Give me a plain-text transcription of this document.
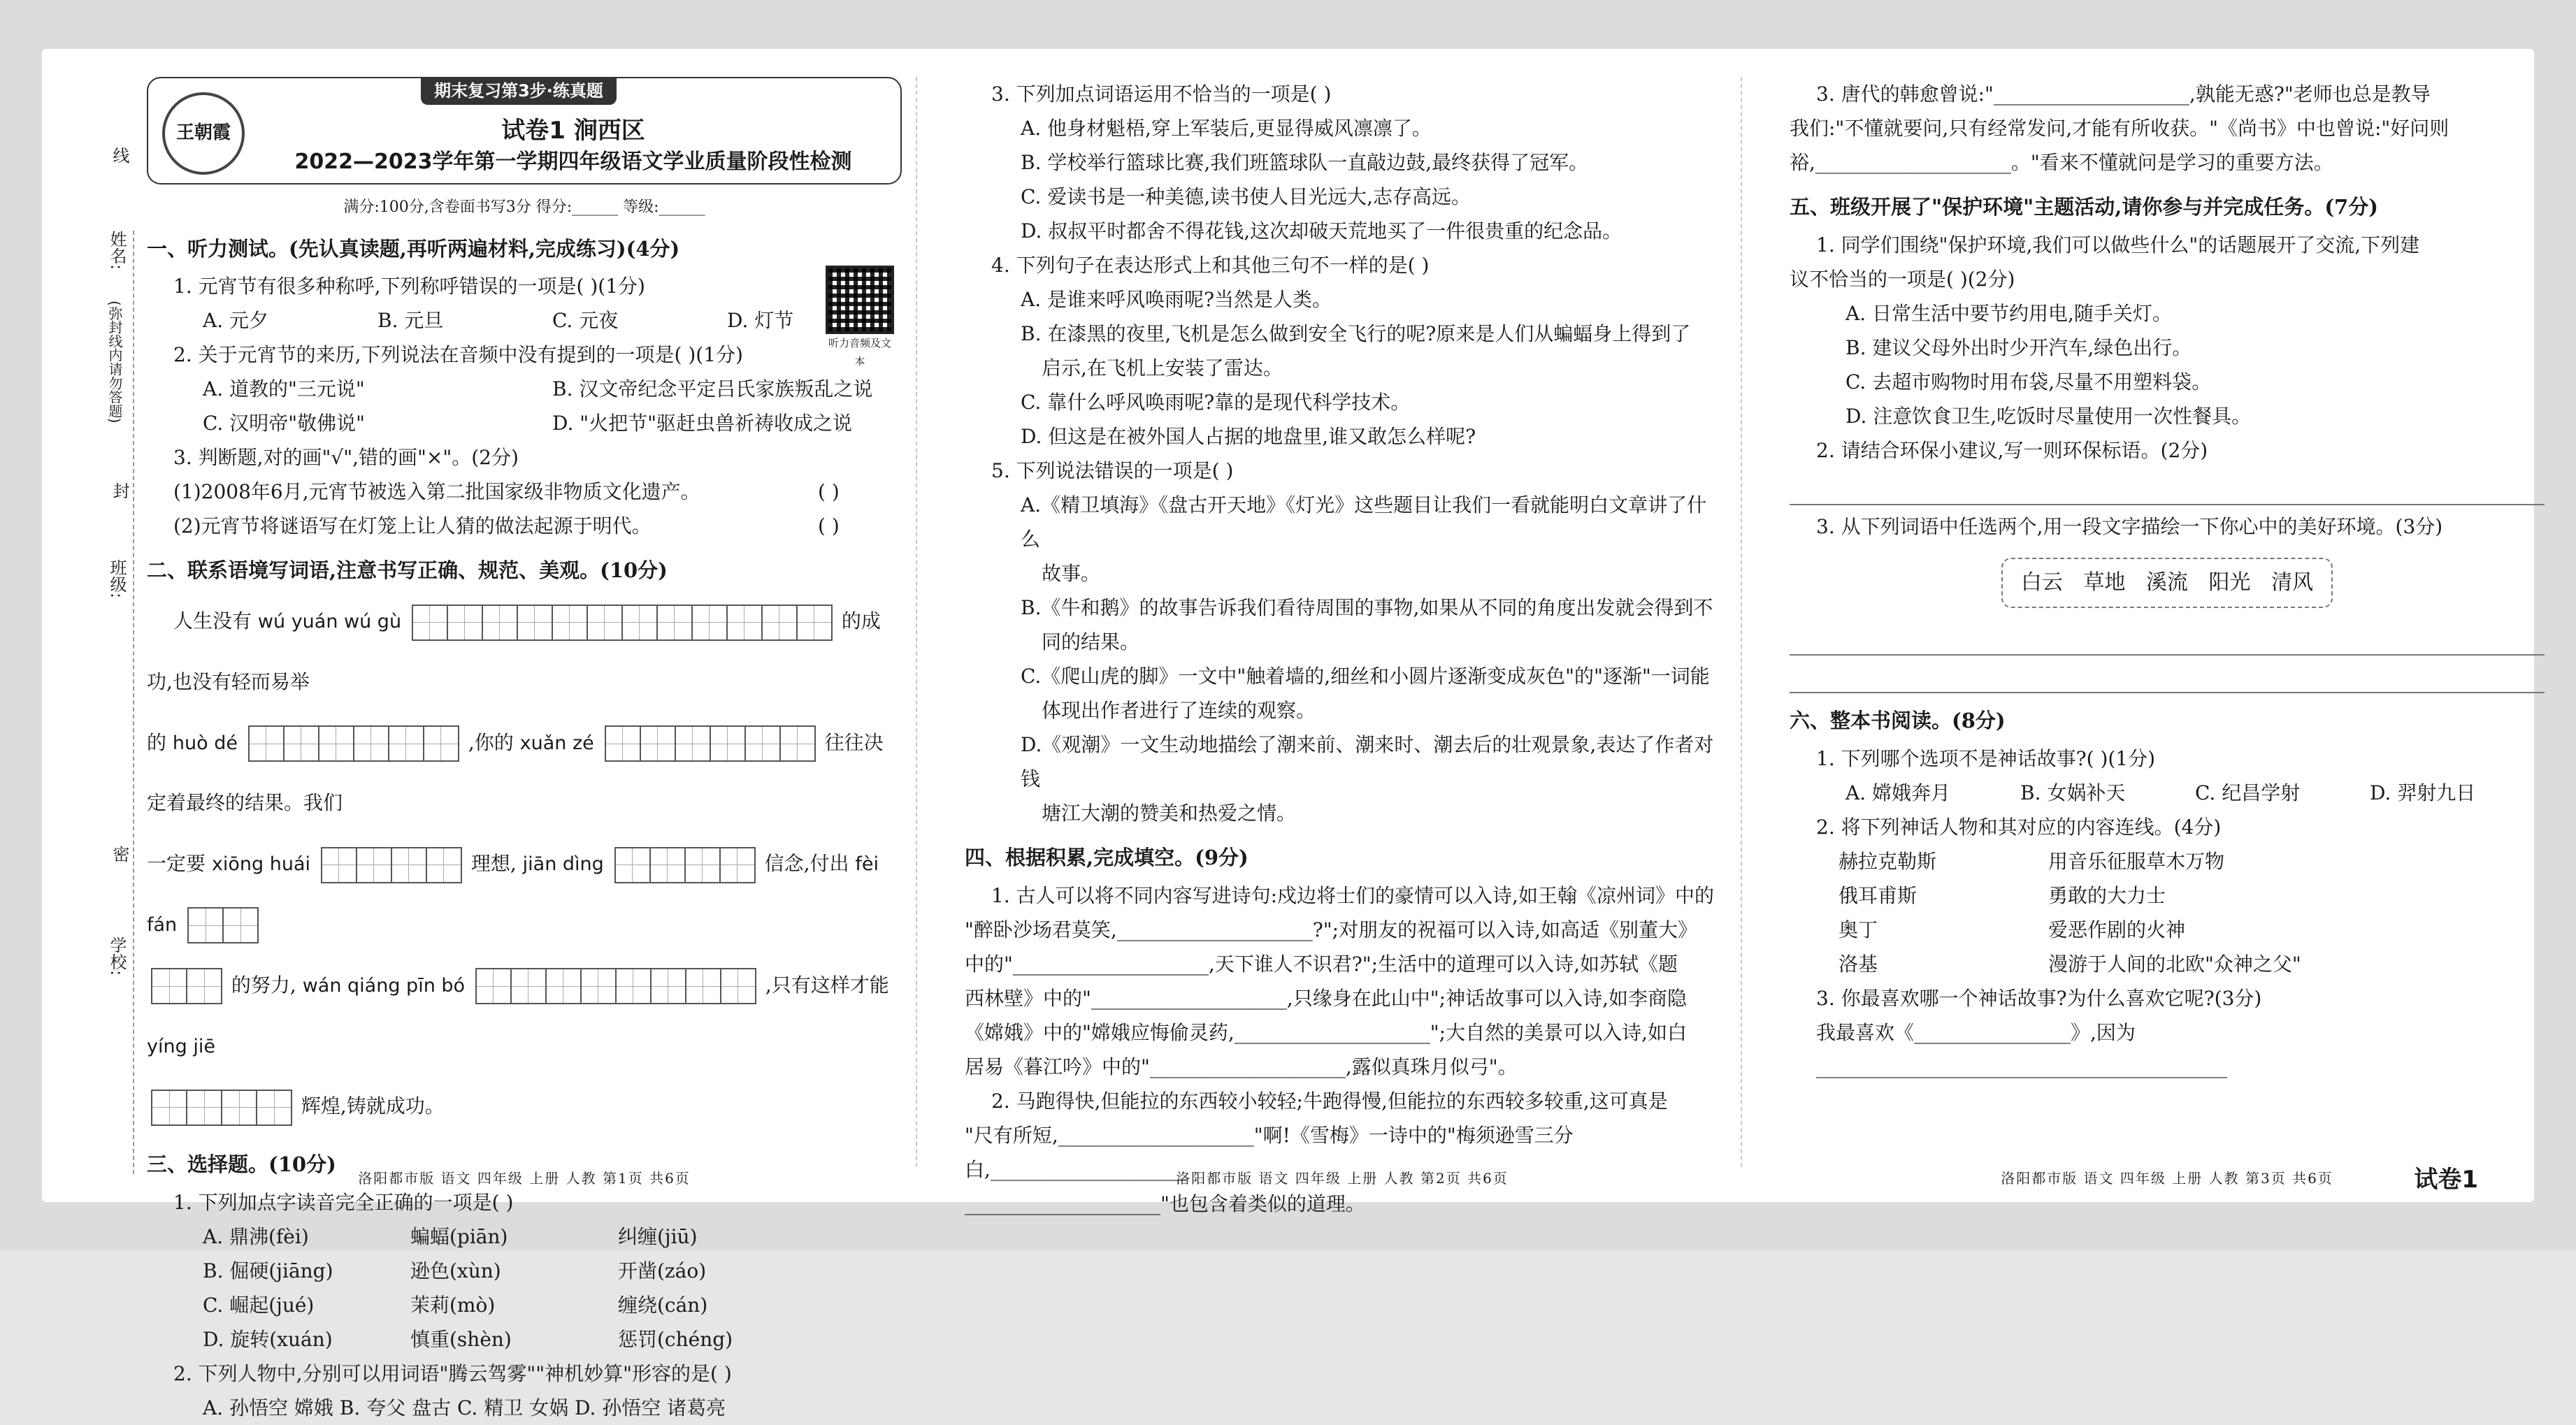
姓名:
(弥封线内请勿答题)
班级:
学校:
线
封
密
期末复习第3步·练真题
王朝霞	试卷1 涧西区
2022—2023学年第一学期四年级语文学业质量阶段性检测
满分:100分,含卷面书写3分 得分:______ 等级:______
听力音频及文本
一、听力测试。(先认真读题,再听两遍材料,完成练习)(4分)
1. 元宵节有很多种称呼,下列称呼错误的一项是( )(1分)
A. 元夕	B. 元旦	C. 元夜	D. 灯节
2. 关于元宵节的来历,下列说法在音频中没有提到的一项是( )(1分)
A. 道教的"三元说"	B. 汉文帝纪念平定吕氏家族叛乱之说
C. 汉明帝"敬佛说"	D. "火把节"驱赶虫兽祈祷收成之说
3. 判断题,对的画"√",错的画"×"。(2分)
(1)2008年6月,元宵节被选入第二批国家级非物质文化遗产。	( )
(2)元宵节将谜语写在灯笼上让人猜的做法起源于明代。	( )
二、联系语境写词语,注意书写正确、规范、美观。(10分)
人生没有 wú yuán wú gù	的成功,也没有轻而易举
的 huò dé	,你的 xuǎn zé	往往决定着最终的结果。我们
一定要 xiōng huái	理想, jiān dìng	信念,付出 fèi fán

的努力, wán qiáng pīn bó	,只有这样才能 yíng jiē

辉煌,铸就成功。
三、选择题。(10分)
1. 下列加点字读音完全正确的一项是( )
A. 鼎沸(fèi)	蝙蝠(piān)	纠缠(jiū)
B. 倔硬(jiāng)	逊色(xùn)	开凿(záo)
C. 崛起(jué)	茉莉(mò)	缠绕(cán)
D. 旋转(xuán)	慎重(shèn)	惩罚(chéng)
2. 下列人物中,分别可以用词语"腾云驾雾""神机妙算"形容的是( )
A. 孙悟空 嫦娥 B. 夸父 盘古 C. 精卫 女娲 D. 孙悟空 诸葛亮
3. 下列加点词语运用不恰当的一项是( )
A. 他身材魁梧,穿上军装后,更显得威风凛凛了。
B. 学校举行篮球比赛,我们班篮球队一直敲边鼓,最终获得了冠军。
C. 爱读书是一种美德,读书使人目光远大,志存高远。
D. 叔叔平时都舍不得花钱,这次却破天荒地买了一件很贵重的纪念品。
4. 下列句子在表达形式上和其他三句不一样的是( )
A. 是谁来呼风唤雨呢?当然是人类。
B. 在漆黑的夜里,飞机是怎么做到安全飞行的呢?原来是人们从蝙蝠身上得到了
启示,在飞机上安装了雷达。
C. 靠什么呼风唤雨呢?靠的是现代科学技术。
D. 但这是在被外国人占据的地盘里,谁又敢怎么样呢?
5. 下列说法错误的一项是( )
A.《精卫填海》《盘古开天地》《灯光》这些题目让我们一看就能明白文章讲了什么
故事。
B.《牛和鹅》的故事告诉我们看待周围的事物,如果从不同的角度出发就会得到不
同的结果。
C.《爬山虎的脚》一文中"触着墙的,细丝和小圆片逐渐变成灰色"的"逐渐"一词能
体现出作者进行了连续的观察。
D.《观潮》一文生动地描绘了潮来前、潮来时、潮去后的壮观景象,表达了作者对钱
塘江大潮的赞美和热爱之情。
四、根据积累,完成填空。(9分)
1. 古人可以将不同内容写进诗句:戍边将士们的豪情可以入诗,如王翰《凉州词》中的
"醉卧沙场君莫笑,____________________?";对朋友的祝福可以入诗,如高适《别董大》
中的"____________________,天下谁人不识君?";生活中的道理可以入诗,如苏轼《题
西林壁》中的"____________________,只缘身在此山中";神话故事可以入诗,如李商隐
《嫦娥》中的"嫦娥应悔偷灵药,____________________";大自然的美景可以入诗,如白
居易《暮江吟》中的"____________________,露似真珠月似弓"。
2. 马跑得快,但能拉的东西较小较轻;牛跑得慢,但能拉的东西较多较重,这可真是
"尺有所短,____________________"啊!《雪梅》一诗中的"梅须逊雪三分白,____________________
____________________"也包含着类似的道理。
3. 唐代的韩愈曾说:"____________________,孰能无惑?"老师也总是教导
我们:"不懂就要问,只有经常发问,才能有所收获。"《尚书》中也曾说:"好问则
裕,____________________。"看来不懂就问是学习的重要方法。
五、班级开展了"保护环境"主题活动,请你参与并完成任务。(7分)
1. 同学们围绕"保护环境,我们可以做些什么"的话题展开了交流,下列建
议不恰当的一项是( )(2分)
A. 日常生活中要节约用电,随手关灯。
B. 建议父母外出时少开汽车,绿色出行。
C. 去超市购物时用布袋,尽量不用塑料袋。
D. 注意饮食卫生,吃饭时尽量使用一次性餐具。
2. 请结合环保小建议,写一则环保标语。(2分)
3. 从下列词语中任选两个,用一段文字描绘一下你心中的美好环境。(3分)
白云 草地 溪流 阳光 清风
六、整本书阅读。(8分)
1. 下列哪个选项不是神话故事?( )(1分)
A. 嫦娥奔月	B. 女娲补天	C. 纪昌学射	D. 羿射九日
2. 将下列神话人物和其对应的内容连线。(4分)
赫拉克勒斯	用音乐征服草木万物
俄耳甫斯	勇敢的大力士
奥丁	爱恶作剧的火神
洛基	漫游于人间的北欧"众神之父"
3. 你最喜欢哪一个神话故事?为什么喜欢它呢?(3分)
我最喜欢《________________》,因为__________________________________________
洛阳都市版 语文 四年级 上册 人教 第1页 共6页	洛阳都市版 语文 四年级 上册 人教 第2页 共6页	洛阳都市版 语文 四年级 上册 人教 第3页 共6页	试卷1
